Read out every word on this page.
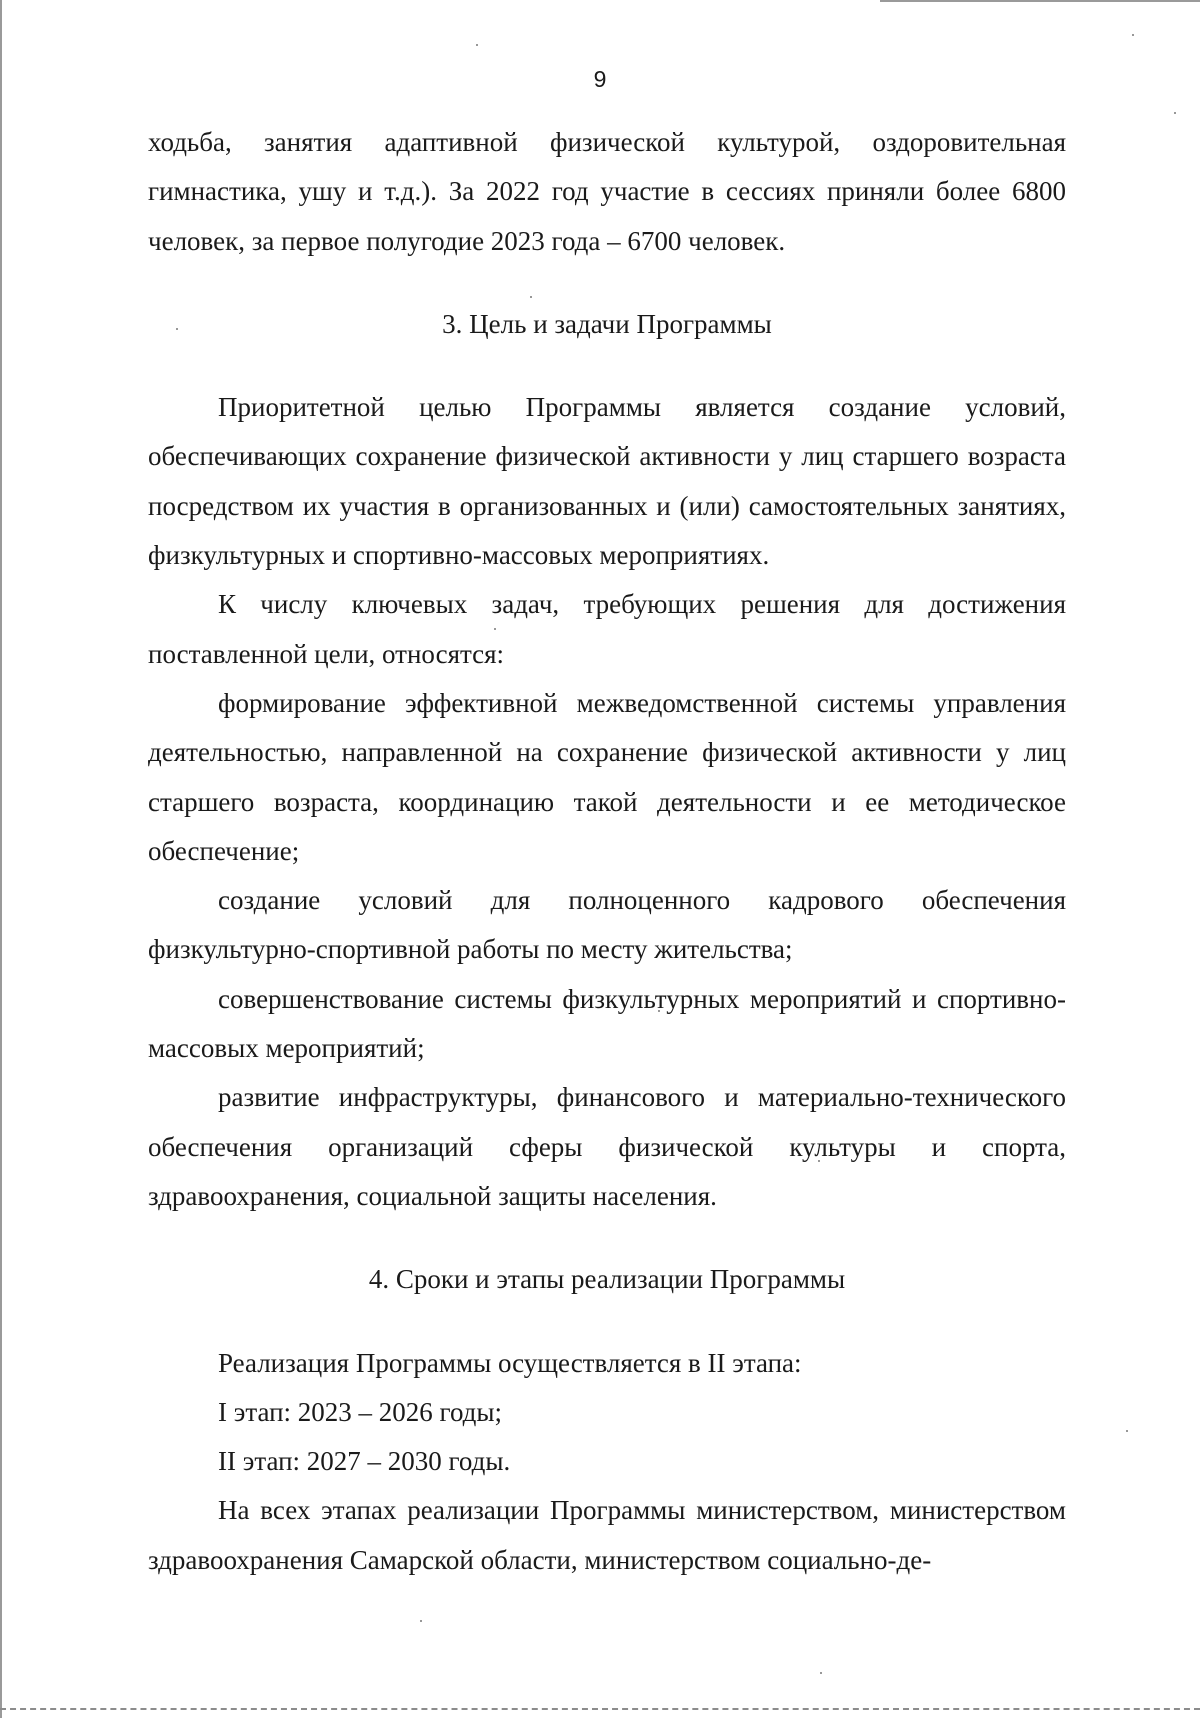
9

ходьба, занятия адаптивной физической культурой, оздоровительная гимнастика, ушу и т.д.). За 2022 год участие в сессиях приняли более 6800 человек, за первое полугодие 2023 года – 6700 человек.

3. Цель и задачи Программы

Приоритетной целью Программы является создание условий, обеспечивающих сохранение физической активности у лиц старшего возраста посредством их участия в организованных и (или) самостоятельных занятиях, физкультурных и спортивно-массовых мероприятиях.

К числу ключевых задач, требующих решения для достижения поставленной цели, относятся:

формирование эффективной межведомственной системы управления деятельностью, направленной на сохранение физической активности у лиц старшего возраста, координацию такой деятельности и ее методическое обеспечение;

создание условий для полноценного кадрового обеспечения физкультурно-спортивной работы по месту жительства;

совершенствование системы физкультурных мероприятий и спортивно-массовых мероприятий;

развитие инфраструктуры, финансового и материально-технического обеспечения организаций сферы физической культуры и спорта, здравоохранения, социальной защиты населения.

4. Сроки и этапы реализации Программы

Реализация Программы осуществляется в II этапа:

I этап: 2023 – 2026 годы;

II этап: 2027 – 2030 годы.

На всех этапах реализации Программы министерством, министерством здравоохранения Самарской области, министерством социально-де-
